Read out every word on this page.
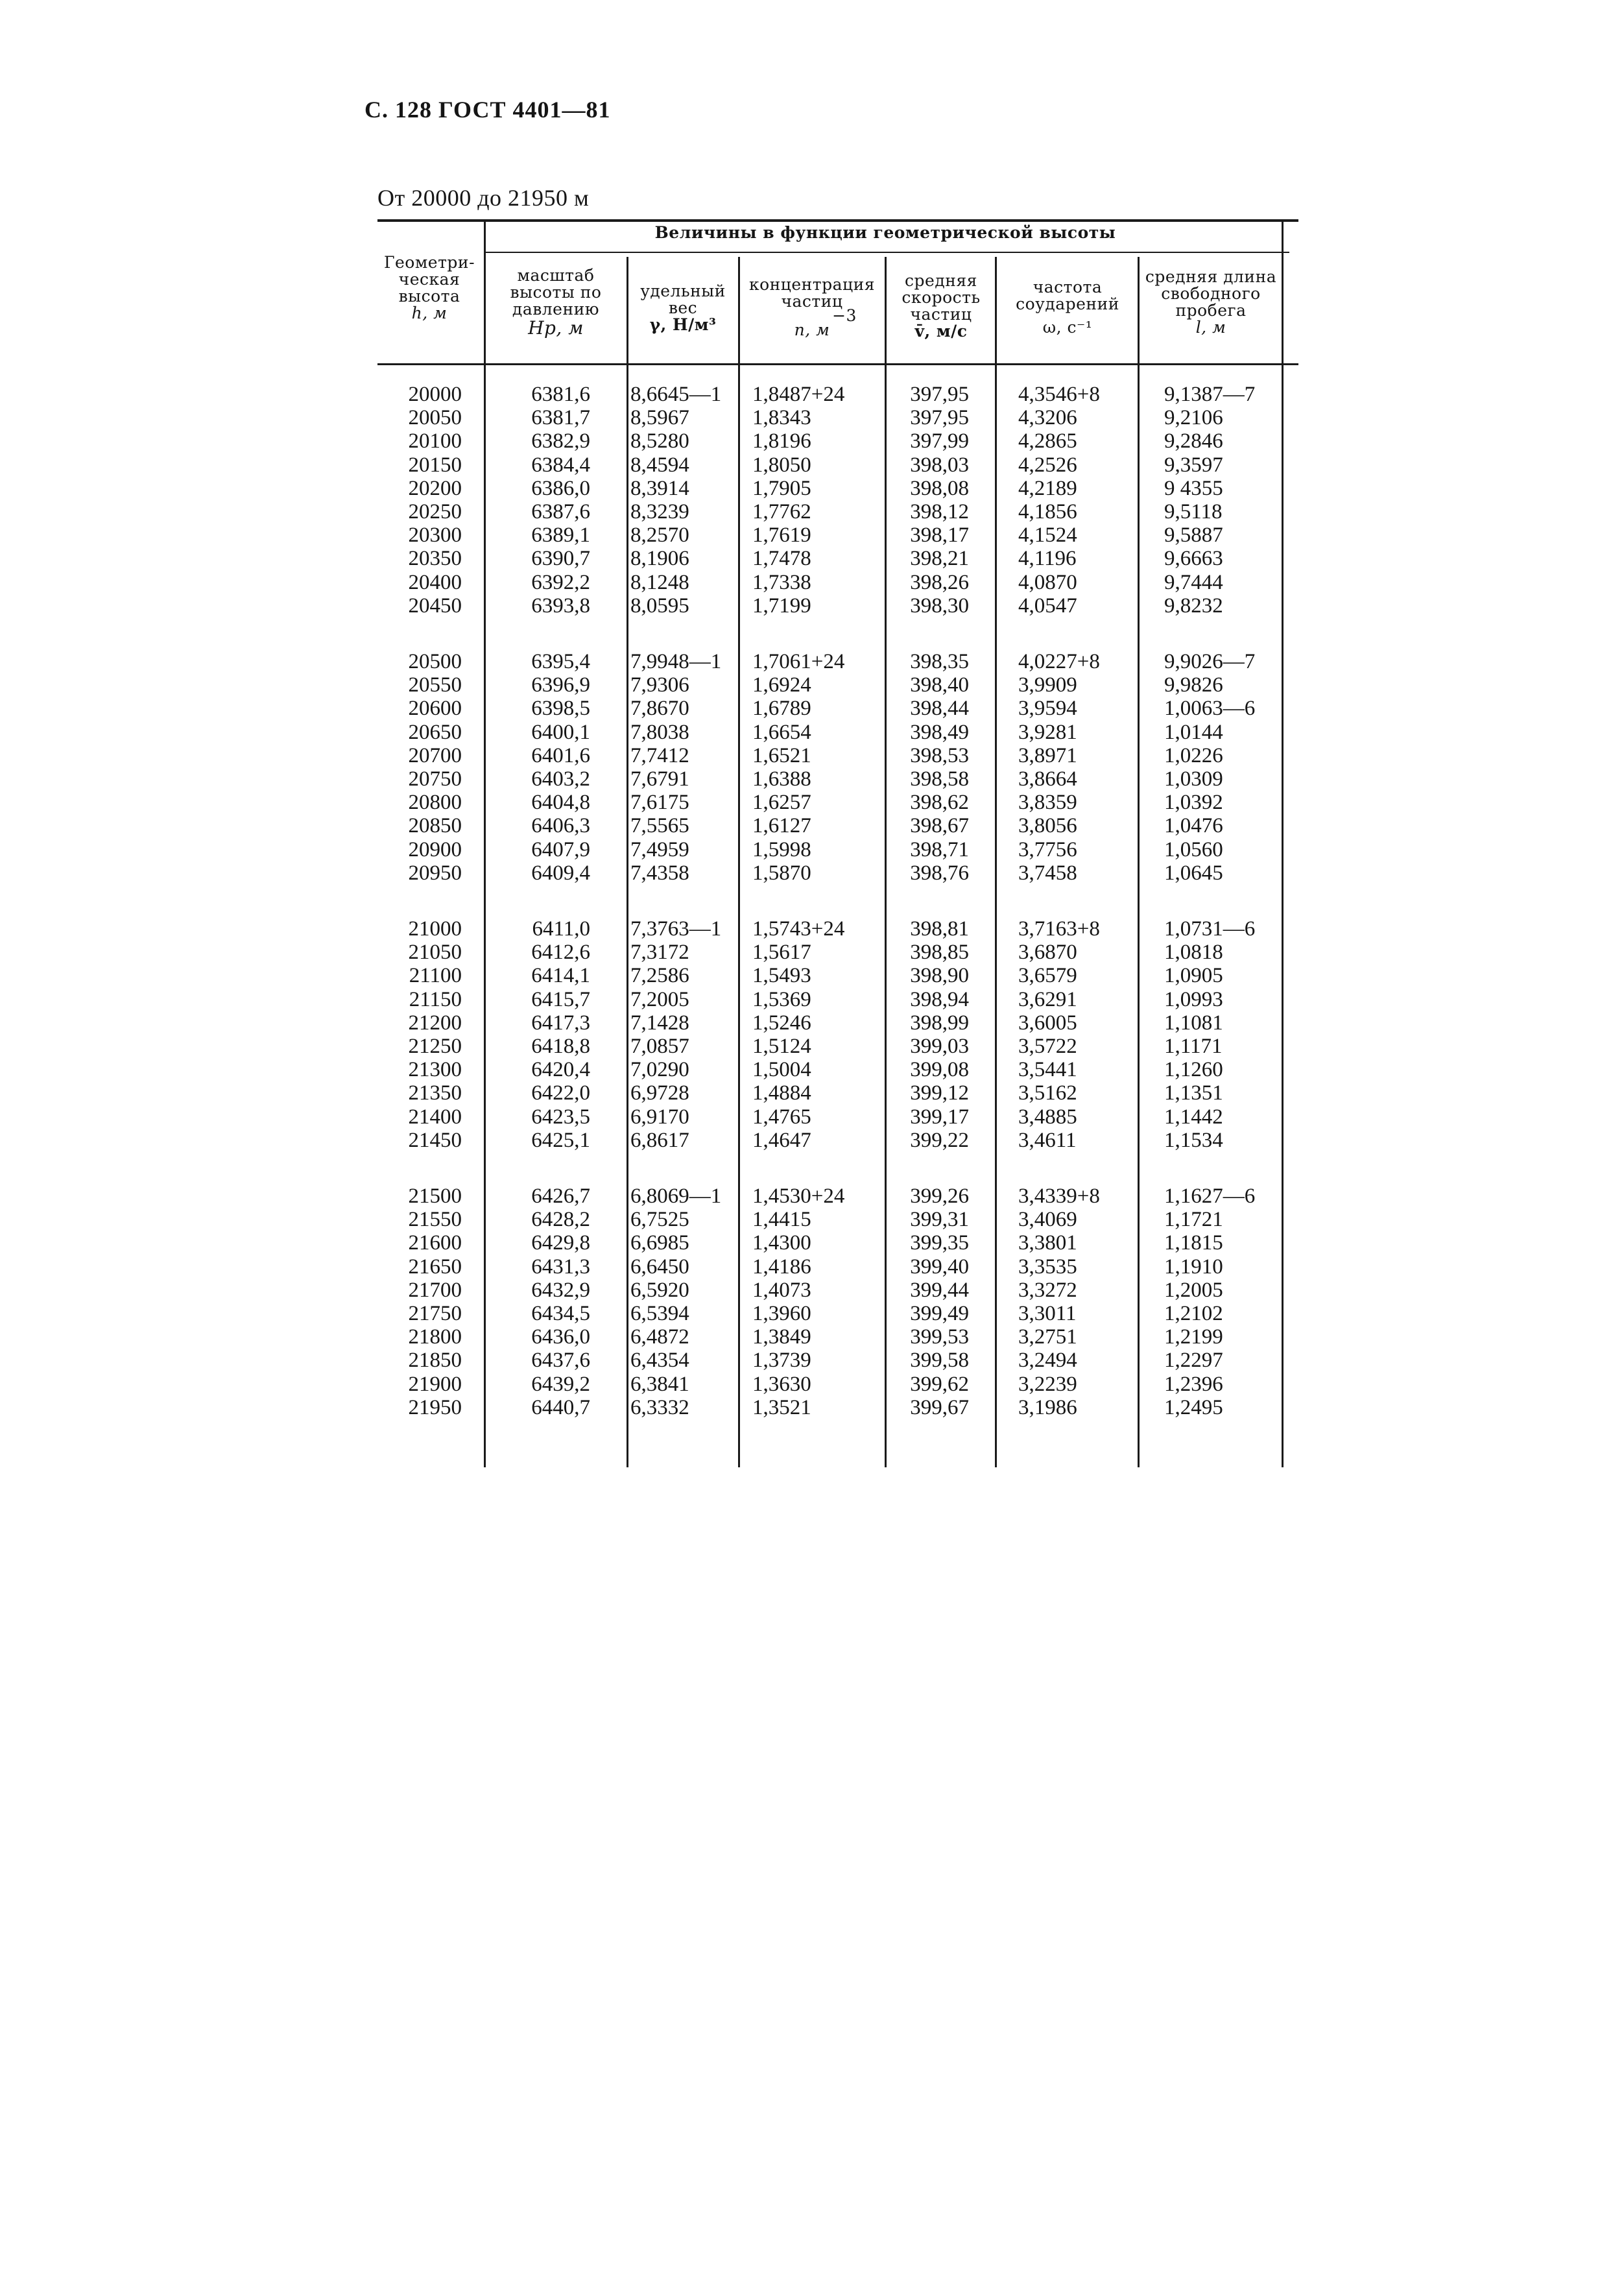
С. 128 ГОСТ 4401—81
От 20000 до 21950 м
Величины в функции геометрической высоты
Геометри-
ческая
высота
h, м
масштаб
высоты по
давлению
Hр, м
удельный
вес
γ, Н/м³
концентрация
частиц
−3
n, м
средняя
скорость
частиц
v̄, м/с
частота
соударений
ω, с⁻¹
средняя длина
свободного
пробега
l, м
20000	6381,6 8,6645—1	1,8487+24	397,95 4,3546+8	9,1387—7
20050	6381,7 8,5967	1,8343	397,95 4,3206	9,2106
20100	6382,9 8,5280	1,8196	397,99 4,2865	9,2846
20150	6384,4 8,4594	1,8050	398,03 4,2526	9,3597
20200	6386,0 8,3914	1,7905	398,08 4,2189	9 4355
20250	6387,6 8,3239	1,7762	398,12 4,1856	9,5118
20300	6389,1 8,2570	1,7619	398,17 4,1524	9,5887
20350	6390,7 8,1906	1,7478	398,21 4,1196	9,6663
20400	6392,2 8,1248	1,7338	398,26 4,0870	9,7444
20450	6393,8 8,0595	1,7199	398,30 4,0547	9,8232
20500	6395,4 7,9948—1	1,7061+24	398,35 4,0227+8	9,9026—7
20550	6396,9 7,9306	1,6924	398,40 3,9909	9,9826
20600	6398,5 7,8670	1,6789	398,44 3,9594	1,0063—6
20650	6400,1 7,8038	1,6654	398,49 3,9281	1,0144
20700	6401,6 7,7412	1,6521	398,53 3,8971	1,0226
20750	6403,2 7,6791	1,6388	398,58 3,8664	1,0309
20800	6404,8 7,6175	1,6257	398,62 3,8359	1,0392
20850	6406,3 7,5565	1,6127	398,67 3,8056	1,0476
20900	6407,9 7,4959	1,5998	398,71 3,7756	1,0560
20950	6409,4 7,4358	1,5870	398,76 3,7458	1,0645
21000	6411,0 7,3763—1	1,5743+24	398,81 3,7163+8	1,0731—6
21050	6412,6 7,3172	1,5617	398,85 3,6870	1,0818
21100	6414,1 7,2586	1,5493	398,90 3,6579	1,0905
21150	6415,7 7,2005	1,5369	398,94 3,6291	1,0993
21200	6417,3 7,1428	1,5246	398,99 3,6005	1,1081
21250	6418,8 7,0857	1,5124	399,03 3,5722	1,1171
21300	6420,4 7,0290	1,5004	399,08 3,5441	1,1260
21350	6422,0 6,9728	1,4884	399,12 3,5162	1,1351
21400	6423,5 6,9170	1,4765	399,17 3,4885	1,1442
21450	6425,1 6,8617	1,4647	399,22 3,4611	1,1534
21500	6426,7 6,8069—1	1,4530+24	399,26 3,4339+8	1,1627—6
21550	6428,2 6,7525	1,4415	399,31 3,4069	1,1721
21600	6429,8 6,6985	1,4300	399,35 3,3801	1,1815
21650	6431,3 6,6450	1,4186	399,40 3,3535	1,1910
21700	6432,9 6,5920	1,4073	399,44 3,3272	1,2005
21750	6434,5 6,5394	1,3960	399,49 3,3011	1,2102
21800	6436,0 6,4872	1,3849	399,53 3,2751	1,2199
21850	6437,6 6,4354	1,3739	399,58 3,2494	1,2297
21900	6439,2 6,3841	1,3630	399,62 3,2239	1,2396
21950	6440,7 6,3332	1,3521	399,67 3,1986	1,2495
